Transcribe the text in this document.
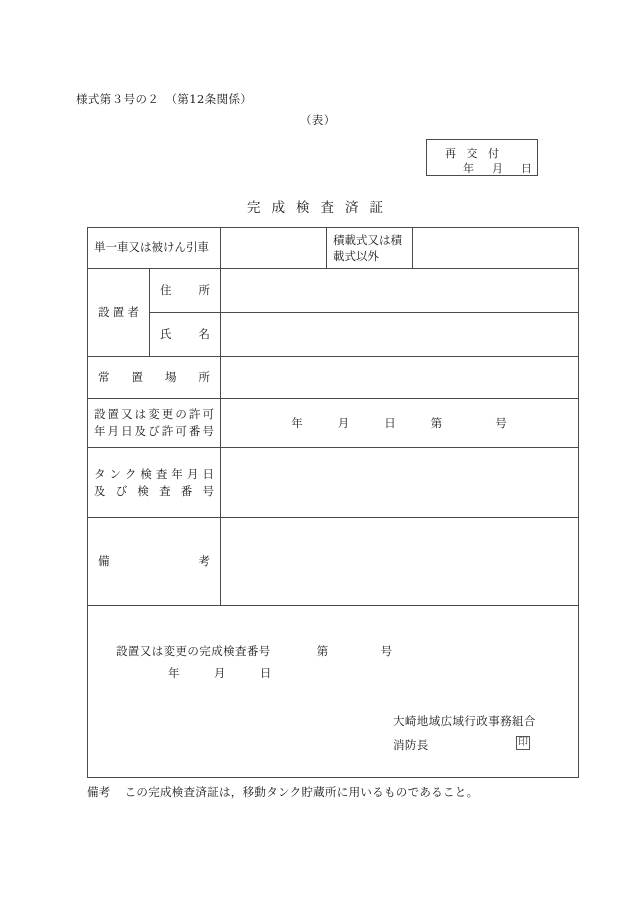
様式第３号の２　（第12条関係）
（表）
再 交 付
年　月　日
完成検査済証
単一車又は被けん引車			積載式又は積載式以外	

設置者	住所			

	氏名			

常置場所				

設置又は変更の許可
年月日及び許可番号		年 月 日 第 号		

タンク検査年月日
及び検査番号				

備考				

設置又は変更の完成検査番号 第 号
年 月 日
大崎地域広域行政事務組合
消防長 印				
備考 この完成検査済証は，移動タンク貯蔵所に用いるものであること。
